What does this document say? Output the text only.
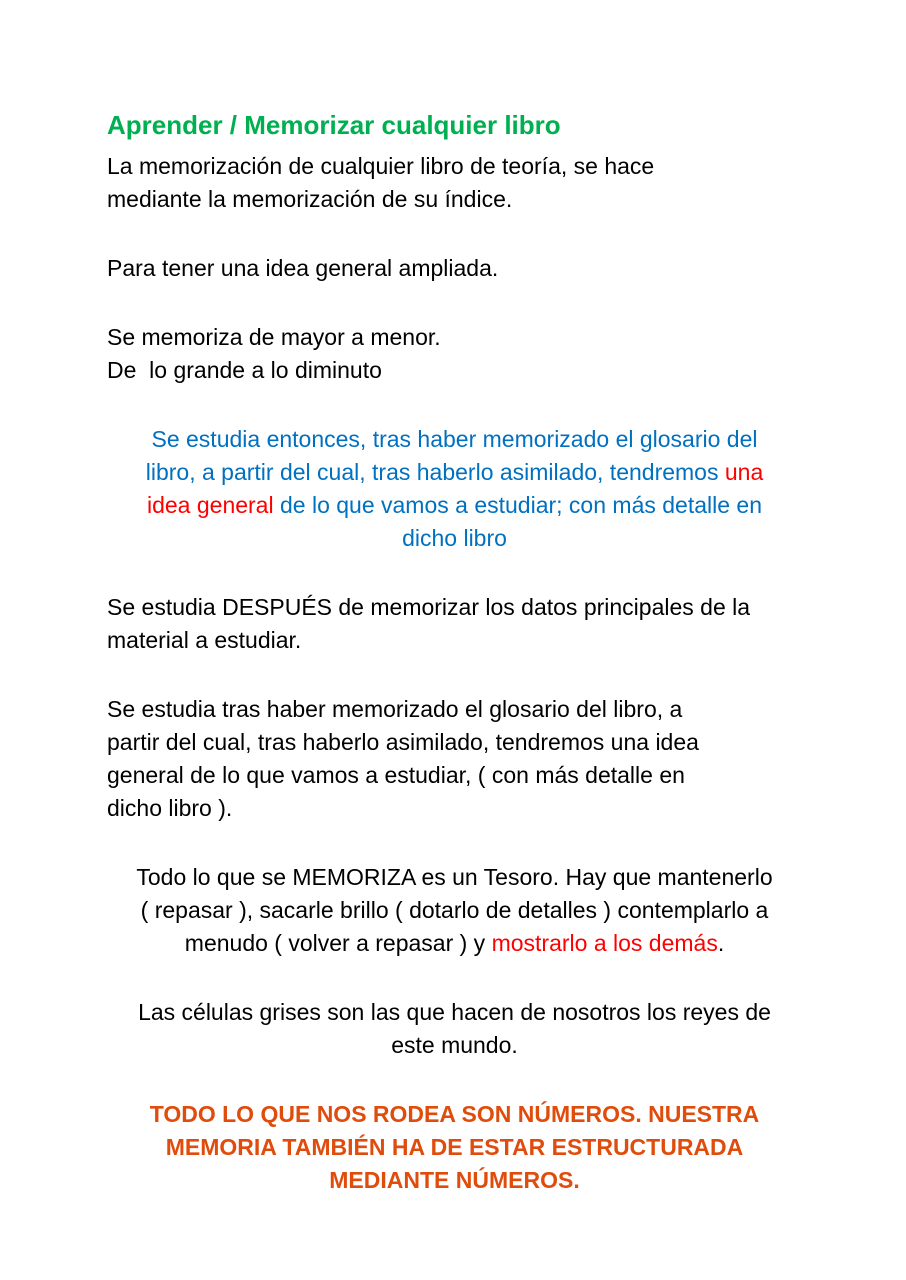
Aprender / Memorizar cualquier libro

La memorización de cualquier libro de teoría, se hace
mediante la memorización de su índice.

Para tener una idea general ampliada.

Se memoriza de mayor a menor.
De  lo grande a lo diminuto

Se estudia entonces, tras haber memorizado el glosario del
libro, a partir del cual, tras haberlo asimilado, tendremos una
idea general de lo que vamos a estudiar; con más detalle en
dicho libro

Se estudia DESPUÉS de memorizar los datos principales de la
material a estudiar.

Se estudia tras haber memorizado el glosario del libro, a
partir del cual, tras haberlo asimilado, tendremos una idea
general de lo que vamos a estudiar, ( con más detalle en
dicho libro ).

Todo lo que se MEMORIZA es un Tesoro. Hay que mantenerlo
( repasar ), sacarle brillo ( dotarlo de detalles ) contemplarlo a
menudo ( volver a repasar ) y mostrarlo a los demás.

Las células grises son las que hacen de nosotros los reyes de
este mundo.

TODO LO QUE NOS RODEA SON NÚMEROS. NUESTRA
MEMORIA TAMBIÉN HA DE ESTAR ESTRUCTURADA
MEDIANTE NÚMEROS.
